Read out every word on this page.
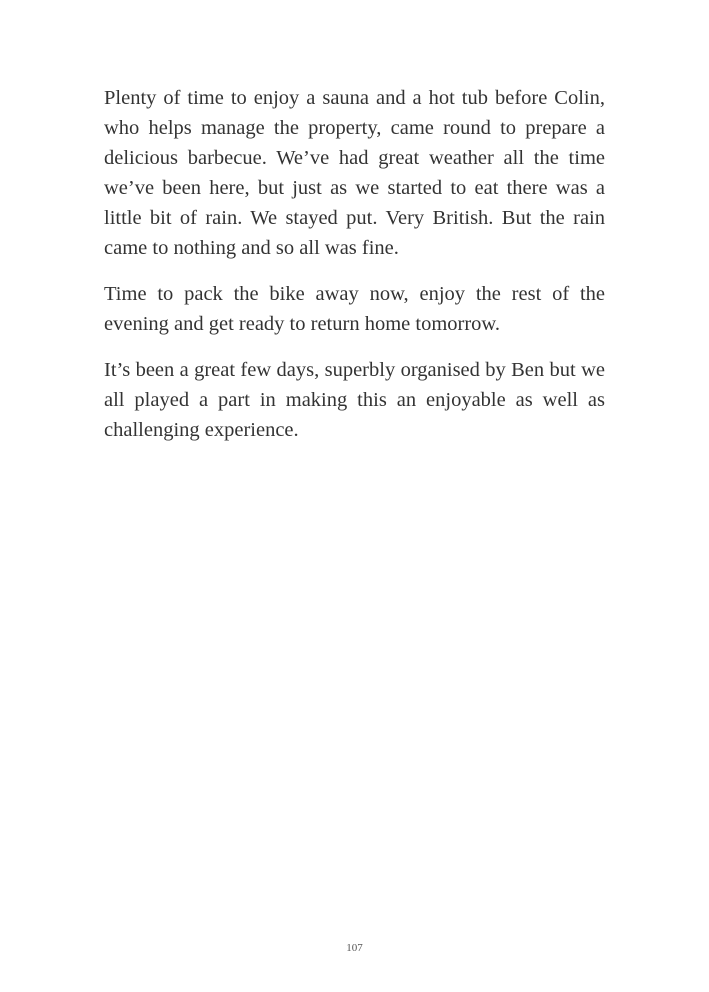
Plenty of time to enjoy a sauna and a hot tub before Colin, who helps manage the property, came round to prepare a delicious barbecue. We’ve had great weather all the time we’ve been here, but just as we started to eat there was a little bit of rain. We stayed put. Very British. But the rain came to nothing and so all was fine.

Time to pack the bike away now, enjoy the rest of the evening and get ready to return home tomorrow.

It’s been a great few days, superbly organised by Ben but we all played a part in making this an enjoyable as well as challenging experience.

107
